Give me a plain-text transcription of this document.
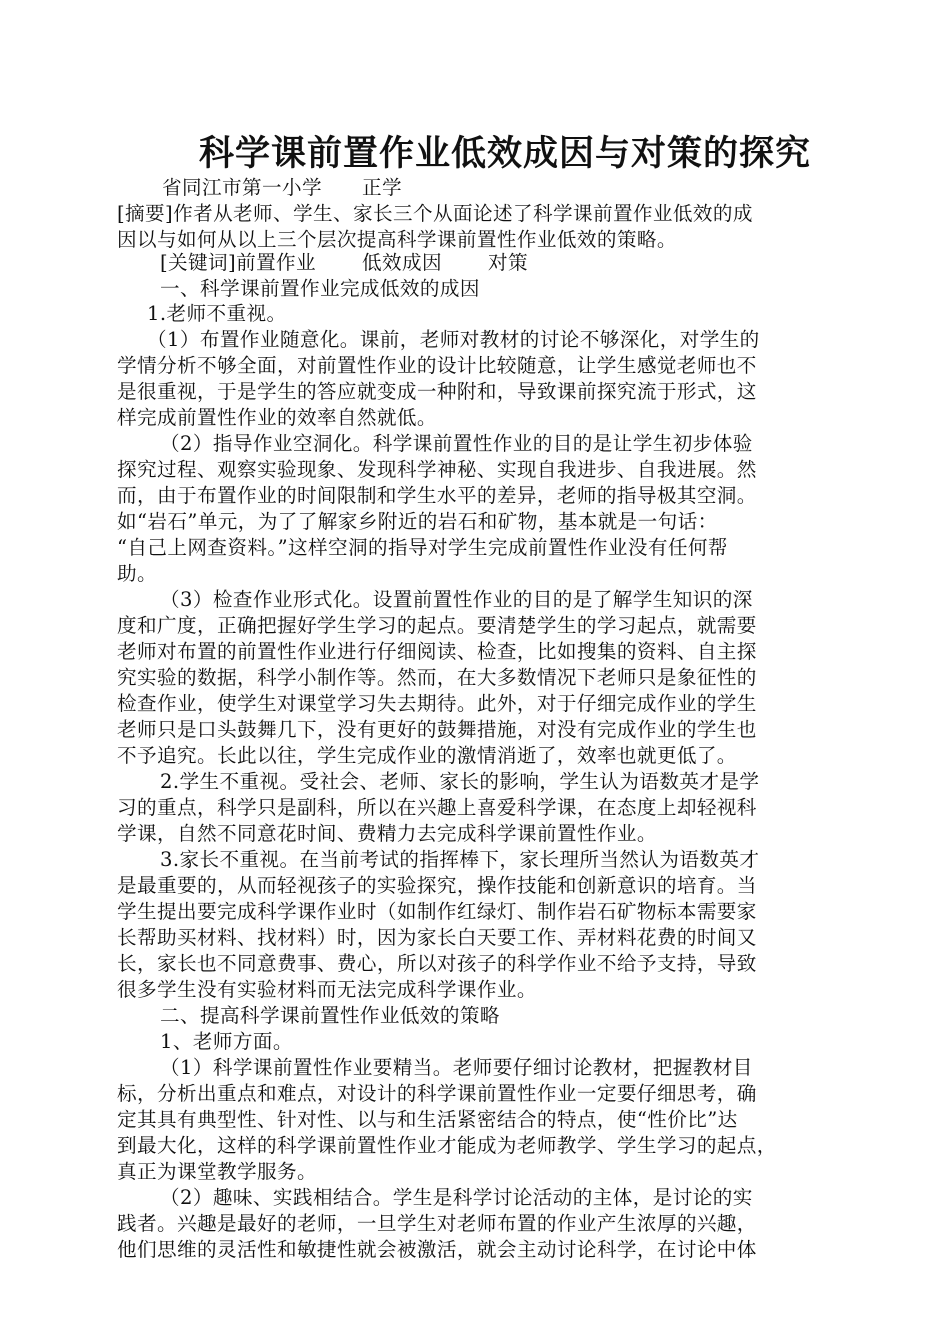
科学课前置作业低效成因与对策的探究
省同江市第一小学 正学
[摘要]作者从老师、学生、家长三个从面论述了科学课前置作业低效的成
因以与如何从以上三个层次提高科学课前置性作业低效的策略。
[关键词]前置作业 低效成因 对策
一、科学课前置作业完成低效的成因
1.老师不重视。
（1）布置作业随意化。课前，老师对教材的讨论不够深化，对学生的
学情分析不够全面，对前置性作业的设计比较随意，让学生感觉老师也不
是很重视，于是学生的答应就变成一种附和，导致课前探究流于形式，这
样完成前置性作业的效率自然就低。
（2）指导作业空洞化。科学课前置性作业的目的是让学生初步体验
探究过程、观察实验现象、发现科学神秘、实现自我进步、自我进展。然
而，由于布置作业的时间限制和学生水平的差异，老师的指导极其空洞。
如“岩石”单元，为了了解家乡附近的岩石和矿物，基本就是一句话：
“自己上网查资料。”这样空洞的指导对学生完成前置性作业没有任何帮
助。
（3）检查作业形式化。设置前置性作业的目的是了解学生知识的深
度和广度，正确把握好学生学习的起点。要清楚学生的学习起点，就需要
老师对布置的前置性作业进行仔细阅读、检查，比如搜集的资料、自主探
究实验的数据，科学小制作等。然而，在大多数情况下老师只是象征性的
检查作业，使学生对课堂学习失去期待。此外，对于仔细完成作业的学生
老师只是口头鼓舞几下，没有更好的鼓舞措施，对没有完成作业的学生也
不予追究。长此以往，学生完成作业的激情消逝了，效率也就更低了。
2.学生不重视。受社会、老师、家长的影响，学生认为语数英才是学
习的重点，科学只是副科，所以在兴趣上喜爱科学课，在态度上却轻视科
学课，自然不同意花时间、费精力去完成科学课前置性作业。
3.家长不重视。在当前考试的指挥棒下，家长理所当然认为语数英才
是最重要的，从而轻视孩子的实验探究，操作技能和创新意识的培育。当
学生提出要完成科学课作业时（如制作红绿灯、制作岩石矿物标本需要家
长帮助买材料、找材料）时，因为家长白天要工作、弄材料花费的时间又
长，家长也不同意费事、费心，所以对孩子的科学作业不给予支持，导致
很多学生没有实验材料而无法完成科学课作业。
二、提高科学课前置性作业低效的策略
1、老师方面。
（1）科学课前置性作业要精当。老师要仔细讨论教材，把握教材目
标，分析出重点和难点，对设计的科学课前置性作业一定要仔细思考，确
定其具有典型性、针对性、以与和生活紧密结合的特点，使“性价比”达
到最大化，这样的科学课前置性作业才能成为老师教学、学生学习的起点，
真正为课堂教学服务。
（2）趣味、实践相结合。学生是科学讨论活动的主体，是讨论的实
践者。兴趣是最好的老师，一旦学生对老师布置的作业产生浓厚的兴趣，
他们思维的灵活性和敏捷性就会被激活，就会主动讨论科学，在讨论中体
